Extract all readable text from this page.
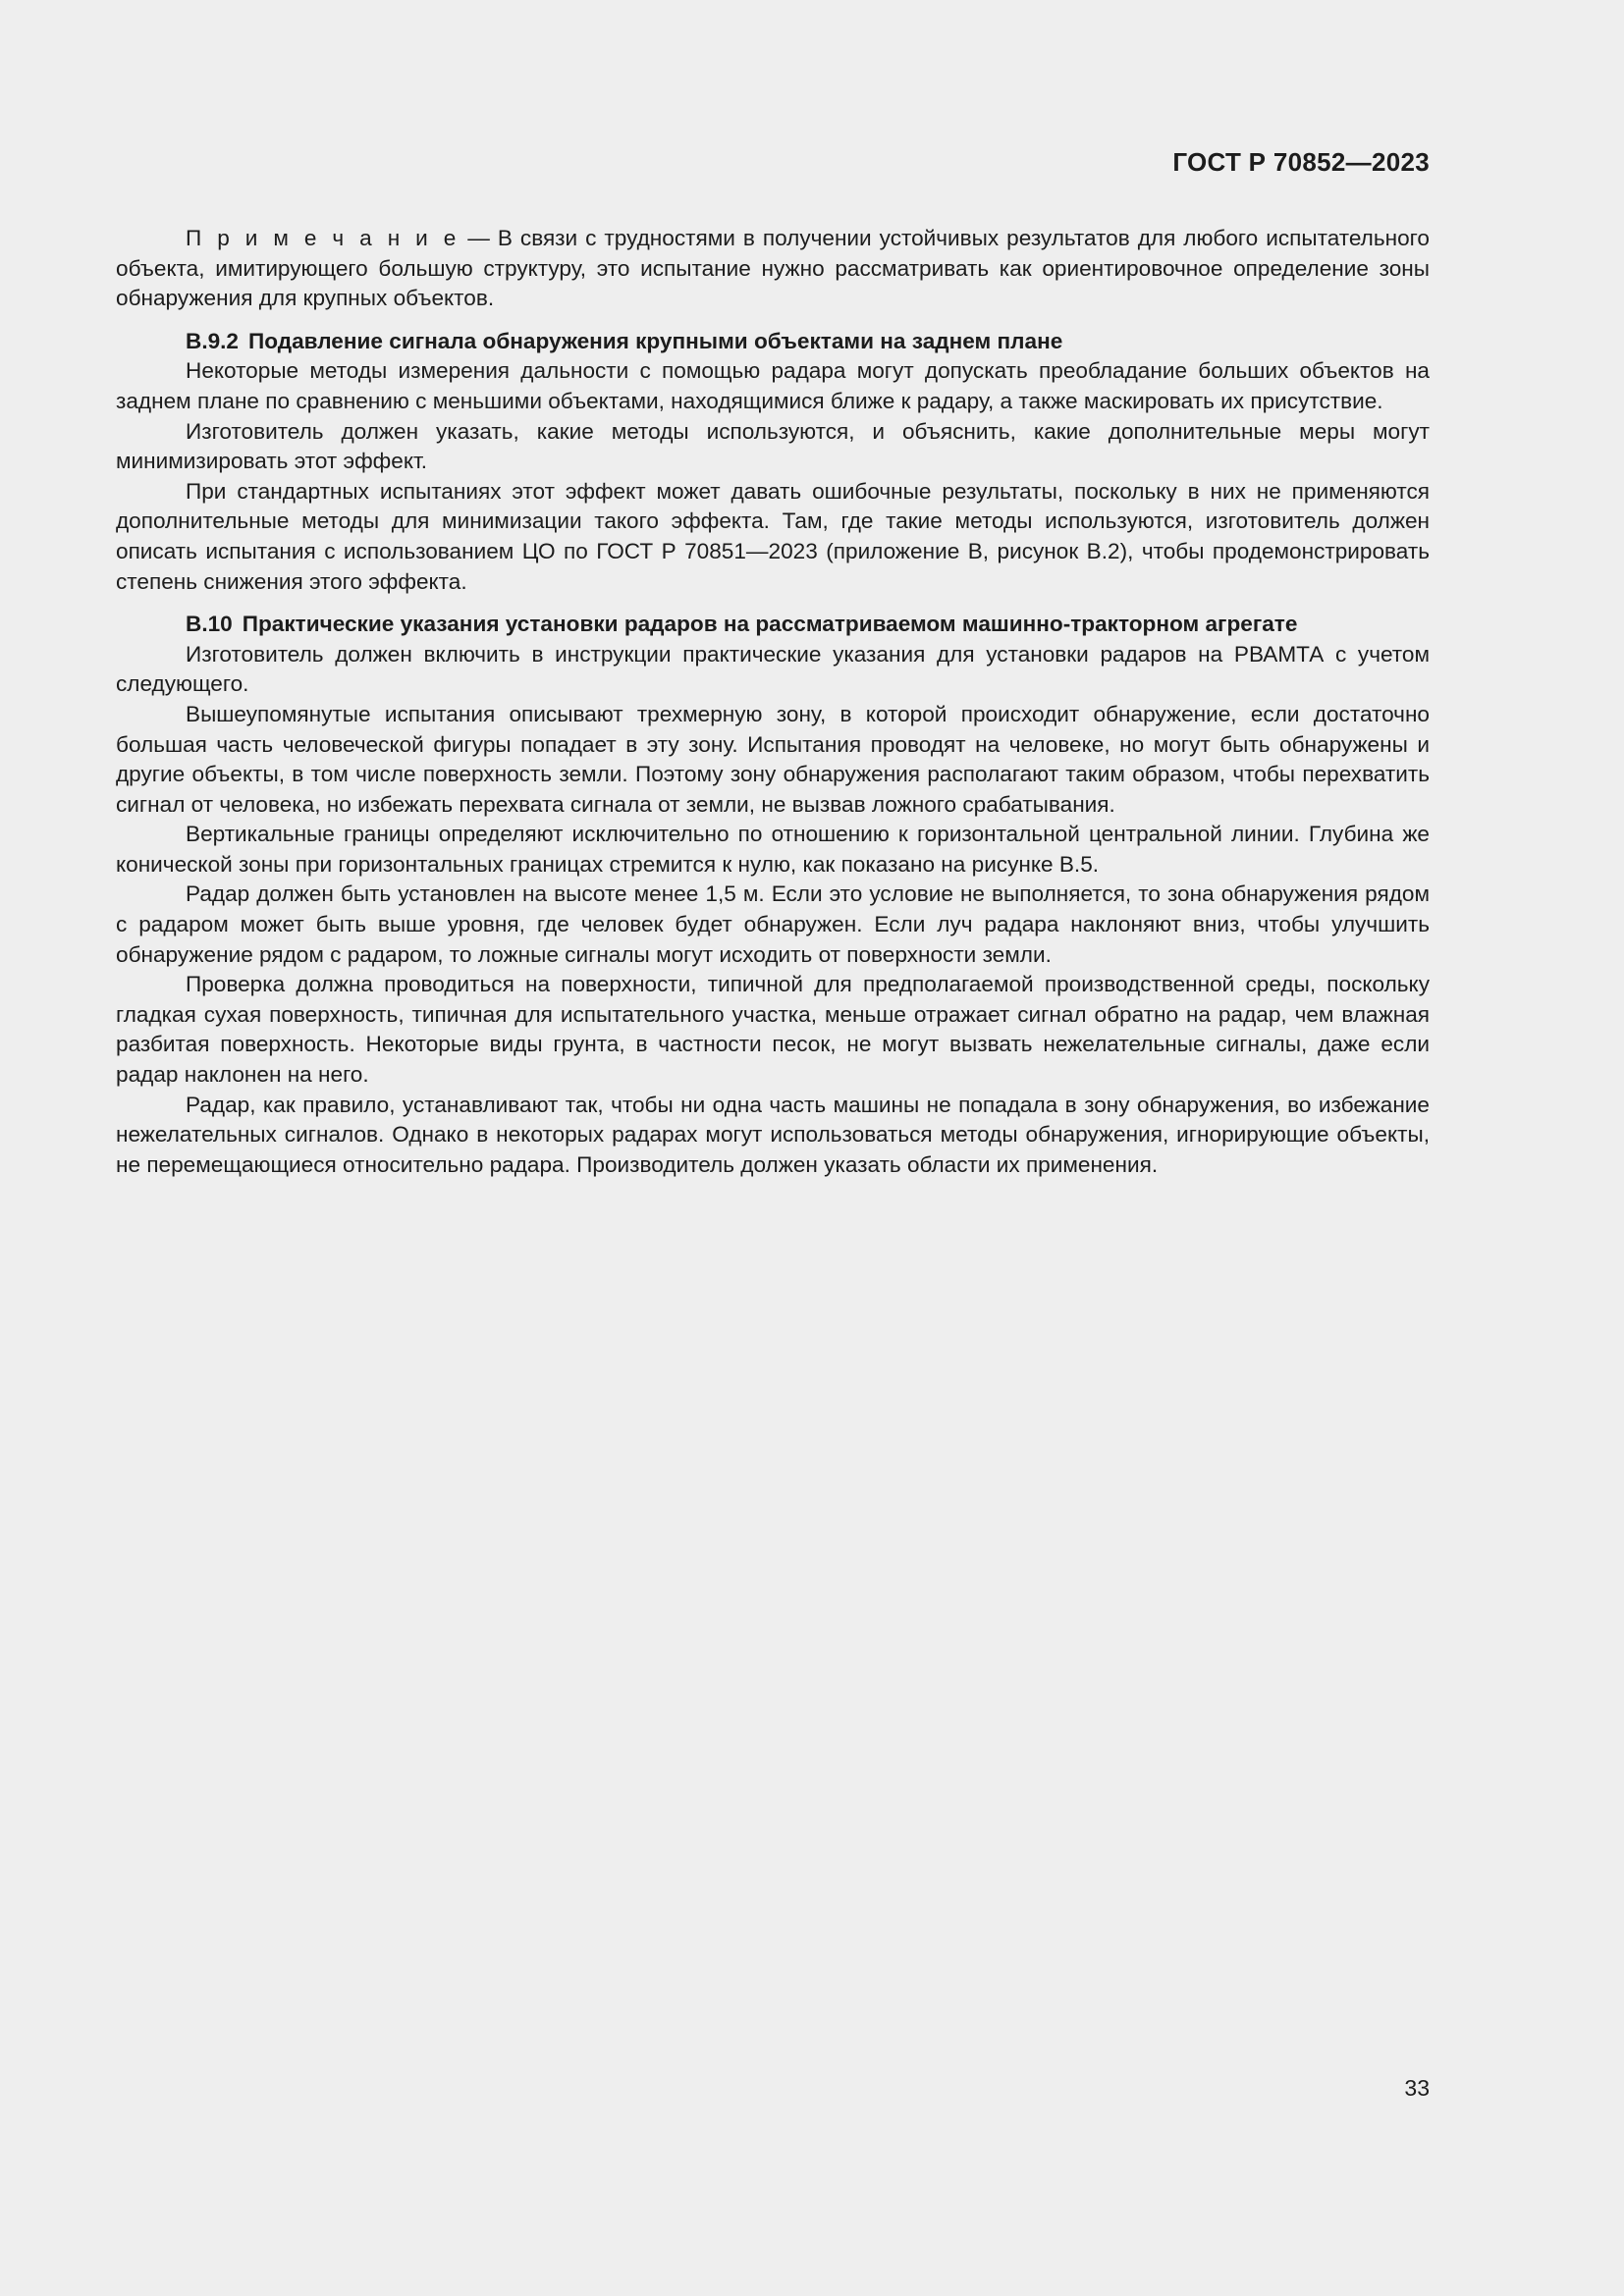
ГОСТ Р 70852—2023

П р и м е ч а н и е — В связи с трудностями в получении устойчивых результатов для любого испытательного объекта, имитирующего большую структуру, это испытание нужно рассматривать как ориентировочное определение зоны обнаружения для крупных объектов.

В.9.2 Подавление сигнала обнаружения крупными объектами на заднем плане

Некоторые методы измерения дальности с помощью радара могут допускать преобладание больших объектов на заднем плане по сравнению с меньшими объектами, находящимися ближе к радару, а также маскировать их присутствие.

Изготовитель должен указать, какие методы используются, и объяснить, какие дополнительные меры могут минимизировать этот эффект.

При стандартных испытаниях этот эффект может давать ошибочные результаты, поскольку в них не применяются дополнительные методы для минимизации такого эффекта. Там, где такие методы используются, изготовитель должен описать испытания с использованием ЦО по ГОСТ Р 70851—2023 (приложение В, рисунок В.2), чтобы продемонстрировать степень снижения этого эффекта.

В.10 Практические указания установки радаров на рассматриваемом машинно-тракторном агрегате

Изготовитель должен включить в инструкции практические указания для установки радаров на РВАМТА с учетом следующего.

Вышеупомянутые испытания описывают трехмерную зону, в которой происходит обнаружение, если достаточно большая часть человеческой фигуры попадает в эту зону. Испытания проводят на человеке, но могут быть обнаружены и другие объекты, в том числе поверхность земли. Поэтому зону обнаружения располагают таким образом, чтобы перехватить сигнал от человека, но избежать перехвата сигнала от земли, не вызвав ложного срабатывания.

Вертикальные границы определяют исключительно по отношению к горизонтальной центральной линии. Глубина же конической зоны при горизонтальных границах стремится к нулю, как показано на рисунке В.5.

Радар должен быть установлен на высоте менее 1,5 м. Если это условие не выполняется, то зона обнаружения рядом с радаром может быть выше уровня, где человек будет обнаружен. Если луч радара наклоняют вниз, чтобы улучшить обнаружение рядом с радаром, то ложные сигналы могут исходить от поверхности земли.

Проверка должна проводиться на поверхности, типичной для предполагаемой производственной среды, поскольку гладкая сухая поверхность, типичная для испытательного участка, меньше отражает сигнал обратно на радар, чем влажная разбитая поверхность. Некоторые виды грунта, в частности песок, не могут вызвать нежелательные сигналы, даже если радар наклонен на него.

Радар, как правило, устанавливают так, чтобы ни одна часть машины не попадала в зону обнаружения, во избежание нежелательных сигналов. Однако в некоторых радарах могут использоваться методы обнаружения, игнорирующие объекты, не перемещающиеся относительно радара. Производитель должен указать области их применения.

33
